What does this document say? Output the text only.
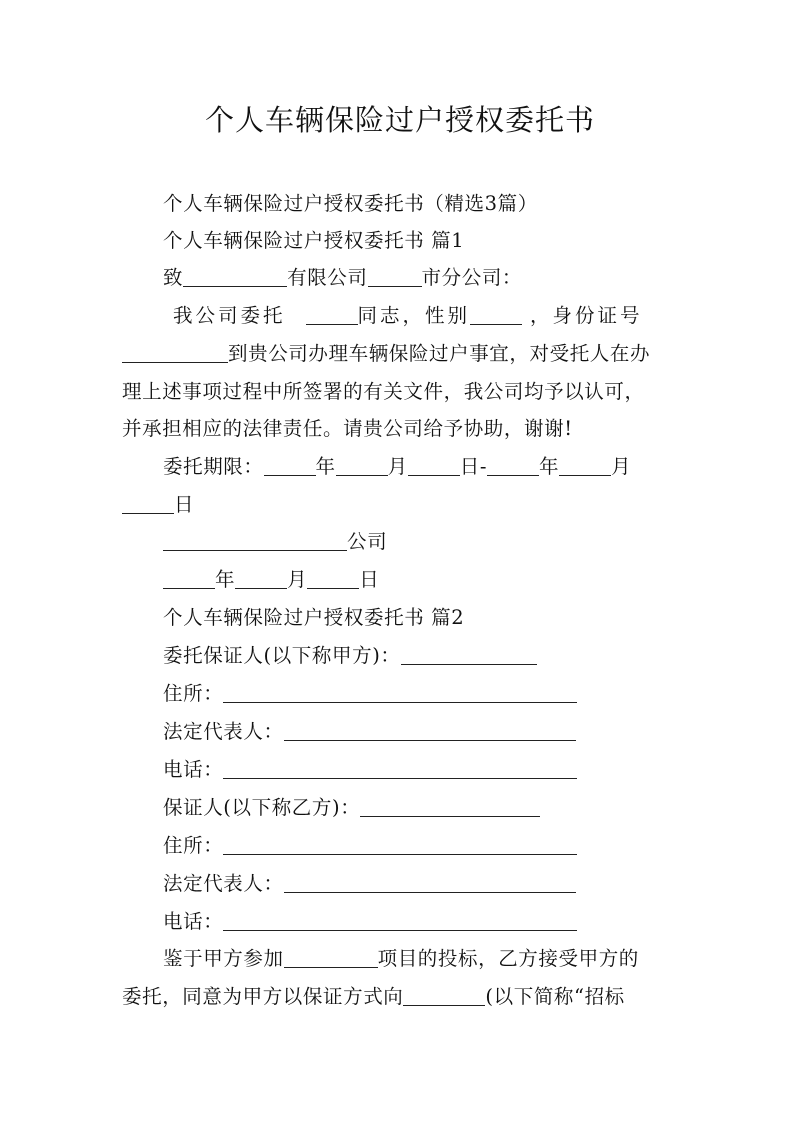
个人车辆保险过户授权委托书
个人车辆保险过户授权委托书（精选3篇）
个人车辆保险过户授权委托书 篇1
致	有限公司	市分公司：
我公司委托	同志，性别	，身份证号
到贵公司办理车辆保险过户事宜，对受托人在办
理上述事项过程中所签署的有关文件，我公司均予以认可，
并承担相应的法律责任。请贵公司给予协助，谢谢!
委托期限：	年	月	日-	年	月
日
公司
年	月	日
个人车辆保险过户授权委托书 篇2
委托保证人(以下称甲方)：
住所：
法定代表人：
电话：
保证人(以下称乙方)：
住所：
法定代表人：
电话：
鉴于甲方参加	项目的投标，乙方接受甲方的
委托，同意为甲方以保证方式向	(以下简称“招标
